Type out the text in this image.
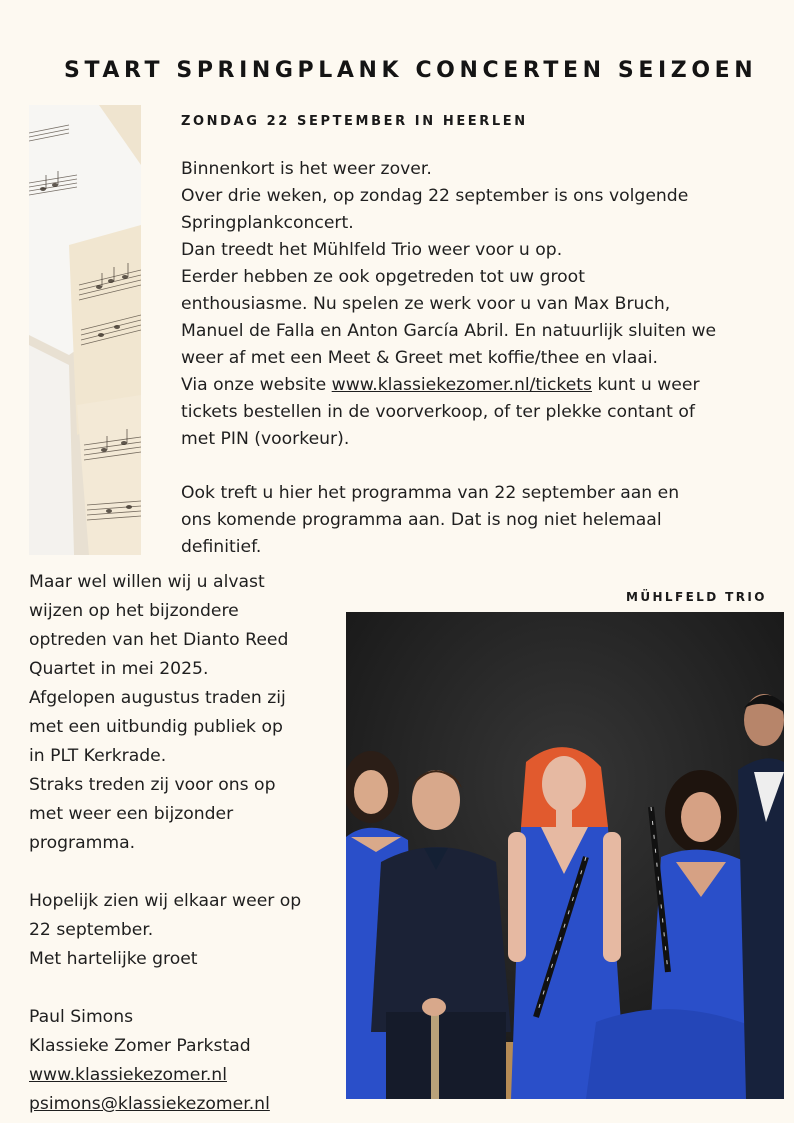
START SPRINGPLANK CONCERTEN SEIZOEN
ZONDAG 22 SEPTEMBER IN HEERLEN

Binnenkort is het weer zover.

Over drie weken, op zondag 22 september is ons volgende

Springplankconcert.

Dan treedt het Mühlfeld Trio weer voor u op.

Eerder hebben ze ook opgetreden tot uw groot

enthousiasme. Nu spelen ze werk voor u van Max Bruch,

Manuel de Falla en Anton García Abril. En natuurlijk sluiten we

weer af met een Meet & Greet met koffie/thee en vlaai.

Via onze website www.klassiekezomer.nl/tickets kunt u weer

tickets bestellen in de voorverkoop, of ter plekke contant of

met PIN (voorkeur).

Ook treft u hier het programma van 22 september aan en

ons komende programma aan. Dat is nog niet helemaal

definitief.

Maar wel willen wij u alvast

wijzen op het bijzondere

optreden van het Dianto Reed

Quartet in mei 2025.

Afgelopen augustus traden zij

met een uitbundig publiek op

in PLT Kerkrade.

Straks treden zij voor ons op

met weer een bijzonder

programma.

Hopelijk zien wij elkaar weer op

22 september.

Met hartelijke groet

Paul Simons

Klassieke Zomer Parkstad

www.klassiekezomer.nl

psimons@klassiekezomer.nl

MÜHLFELD TRIO
